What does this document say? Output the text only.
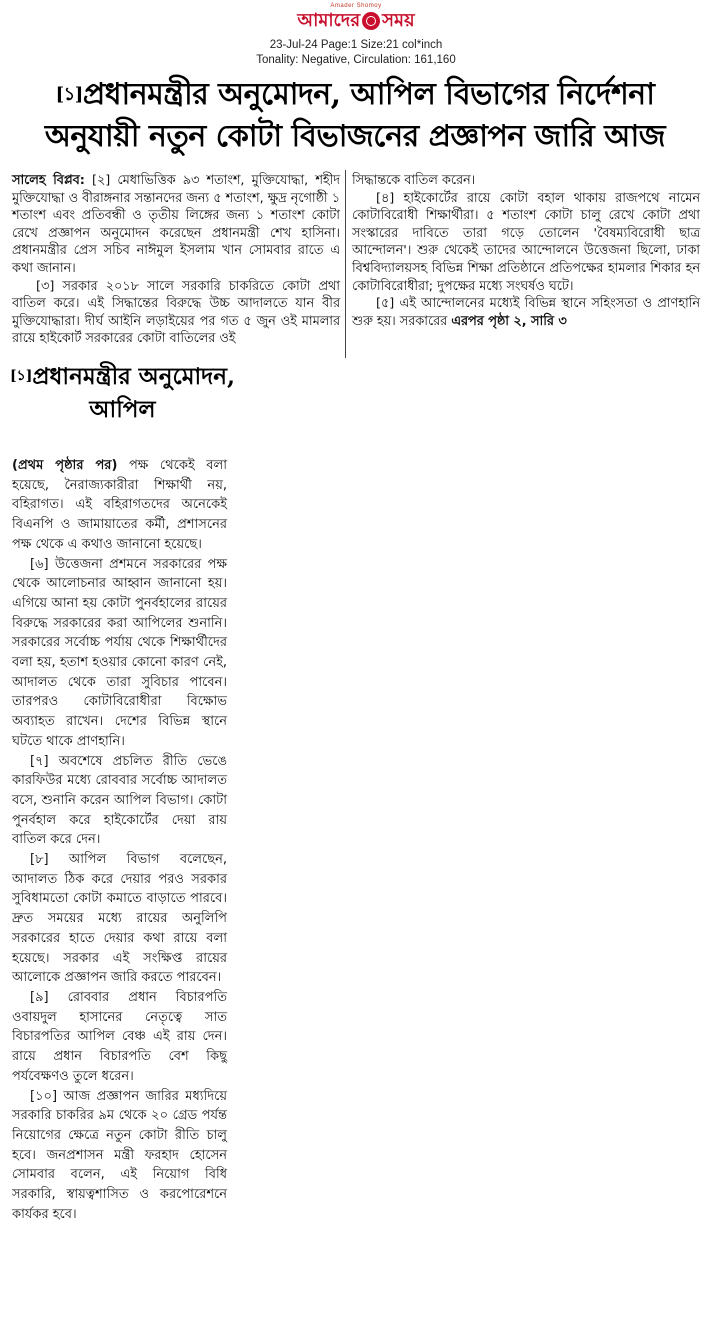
Amader Shomoy
আমাদের সময়
23-Jul-24 Page:1 Size:21 col*inch
Tonality: Negative, Circulation: 161,160
[১]প্রধানমন্ত্রীর অনুমোদন, আপিল বিভাগের নির্দেশনা অনুযায়ী নতুন কোটা বিভাজনের প্রজ্ঞাপন জারি আজ

সালেহ বিপ্লব: [২] মেধাভিত্তিক ৯৩ শতাংশ, মুক্তিযোদ্ধা, শহীদ মুক্তিযোদ্ধা ও বীরাঙ্গনার সন্তানদের জন্য ৫ শতাংশ, ক্ষুদ্র নৃগোষ্ঠী ১ শতাংশ এবং প্রতিবন্ধী ও তৃতীয় লিঙ্গের জন্য ১ শতাংশ কোটা রেখে প্রজ্ঞাপন অনুমোদন করেছেন প্রধানমন্ত্রী শেখ হাসিনা। প্রধানমন্ত্রীর প্রেস সচিব নাঈমুল ইসলাম খান সোমবার রাতে এ কথা জানান।

[৩] সরকার ২০১৮ সালে সরকারি চাকরিতে কোটা প্রথা বাতিল করে। এই সিদ্ধান্তের বিরুদ্ধে উচ্চ আদালতে যান বীর মুক্তিযোদ্ধারা। দীর্ঘ আইনি লড়াইয়ের পর গত ৫ জুন ওই মামলার রায়ে হাইকোর্ট সরকারের কোটা বাতিলের ওই

সিদ্ধান্তকে বাতিল করেন।

[৪] হাইকোর্টের রায়ে কোটা বহাল থাকায় রাজপথে নামেন কোটাবিরোধী শিক্ষার্থীরা। ৫ শতাংশ কোটা চালু রেখে কোটা প্রথা সংস্কারের দাবিতে তারা গড়ে তোলেন 'বৈষম্যবিরোধী ছাত্র আন্দোলন'। শুরু থেকেই তাদের আন্দোলনে উত্তেজনা ছিলো, ঢাকা বিশ্ববিদ্যালয়সহ বিভিন্ন শিক্ষা প্রতিষ্ঠানে প্রতিপক্ষের হামলার শিকার হন কোটাবিরোধীরা; দুপক্ষের মধ্যে সংঘর্ষও ঘটে।

[৫] এই আন্দোলনের মধ্যেই বিভিন্ন স্থানে সহিংসতা ও প্রাণহানি শুরু হয়। সরকারের এরপর পৃষ্ঠা ২, সারি ৩

[১]প্রধানমন্ত্রীর অনুমোদন, আপিল

(প্রথম পৃষ্ঠার পর) পক্ষ থেকেই বলা হয়েছে, নৈরাজ্যকারীরা শিক্ষার্থী নয়, বহিরাগত। এই বহিরাগতদের অনেকেই বিএনপি ও জামায়াতের কর্মী, প্রশাসনের পক্ষ থেকে এ কথাও জানানো হয়েছে।

[৬] উত্তেজনা প্রশমনে সরকারের পক্ষ থেকে আলোচনার আহ্বান জানানো হয়। এগিয়ে আনা হয় কোটা পুনর্বহালের রায়ের বিরুদ্ধে সরকারের করা আপিলের শুনানি। সরকারের সর্বোচ্চ পর্যায় থেকে শিক্ষার্থীদের বলা হয়, হতাশ হওয়ার কোনো কারণ নেই, আদালত থেকে তারা সুবিচার পাবেন। তারপরও কোটাবিরোধীরা বিক্ষোভ অব্যাহত রাখেন। দেশের বিভিন্ন স্থানে ঘটতে থাকে প্রাণহানি।

[৭] অবশেষে প্রচলিত রীতি ভেঙে কারফিউর মধ্যে রোববার সর্বোচ্চ আদালত বসে, শুনানি করেন আপিল বিভাগ। কোটা পুনর্বহাল করে হাইকোর্টের দেয়া রায় বাতিল করে দেন।

[৮] আপিল বিভাগ বলেছেন, আদালত ঠিক করে দেয়ার পরও সরকার সুবিধামতো কোটা কমাতে বাড়াতে পারবে। দ্রুত সময়ের মধ্যে রায়ের অনুলিপি সরকারের হাতে দেয়ার কথা রায়ে বলা হয়েছে। সরকার এই সংক্ষিপ্ত রায়ের আলোকে প্রজ্ঞাপন জারি করতে পারবেন।

[৯] রোববার প্রধান বিচারপতি ওবায়দুল হাসানের নেতৃত্বে সাত বিচারপতির আপিল বেঞ্চ এই রায় দেন। রায়ে প্রধান বিচারপতি বেশ কিছু পর্যবেক্ষণও তুলে ধরেন।

[১০] আজ প্রজ্ঞাপন জারির মধ্যদিয়ে সরকারি চাকরির ৯ম থেকে ২০ গ্রেড পর্যন্ত নিয়োগের ক্ষেত্রে নতুন কোটা রীতি চালু হবে। জনপ্রশাসন মন্ত্রী ফরহাদ হোসেন সোমবার বলেন, এই নিয়োগ বিধি সরকারি, স্বায়ত্বশাসিত ও করপোরেশনে কার্যকর হবে।
